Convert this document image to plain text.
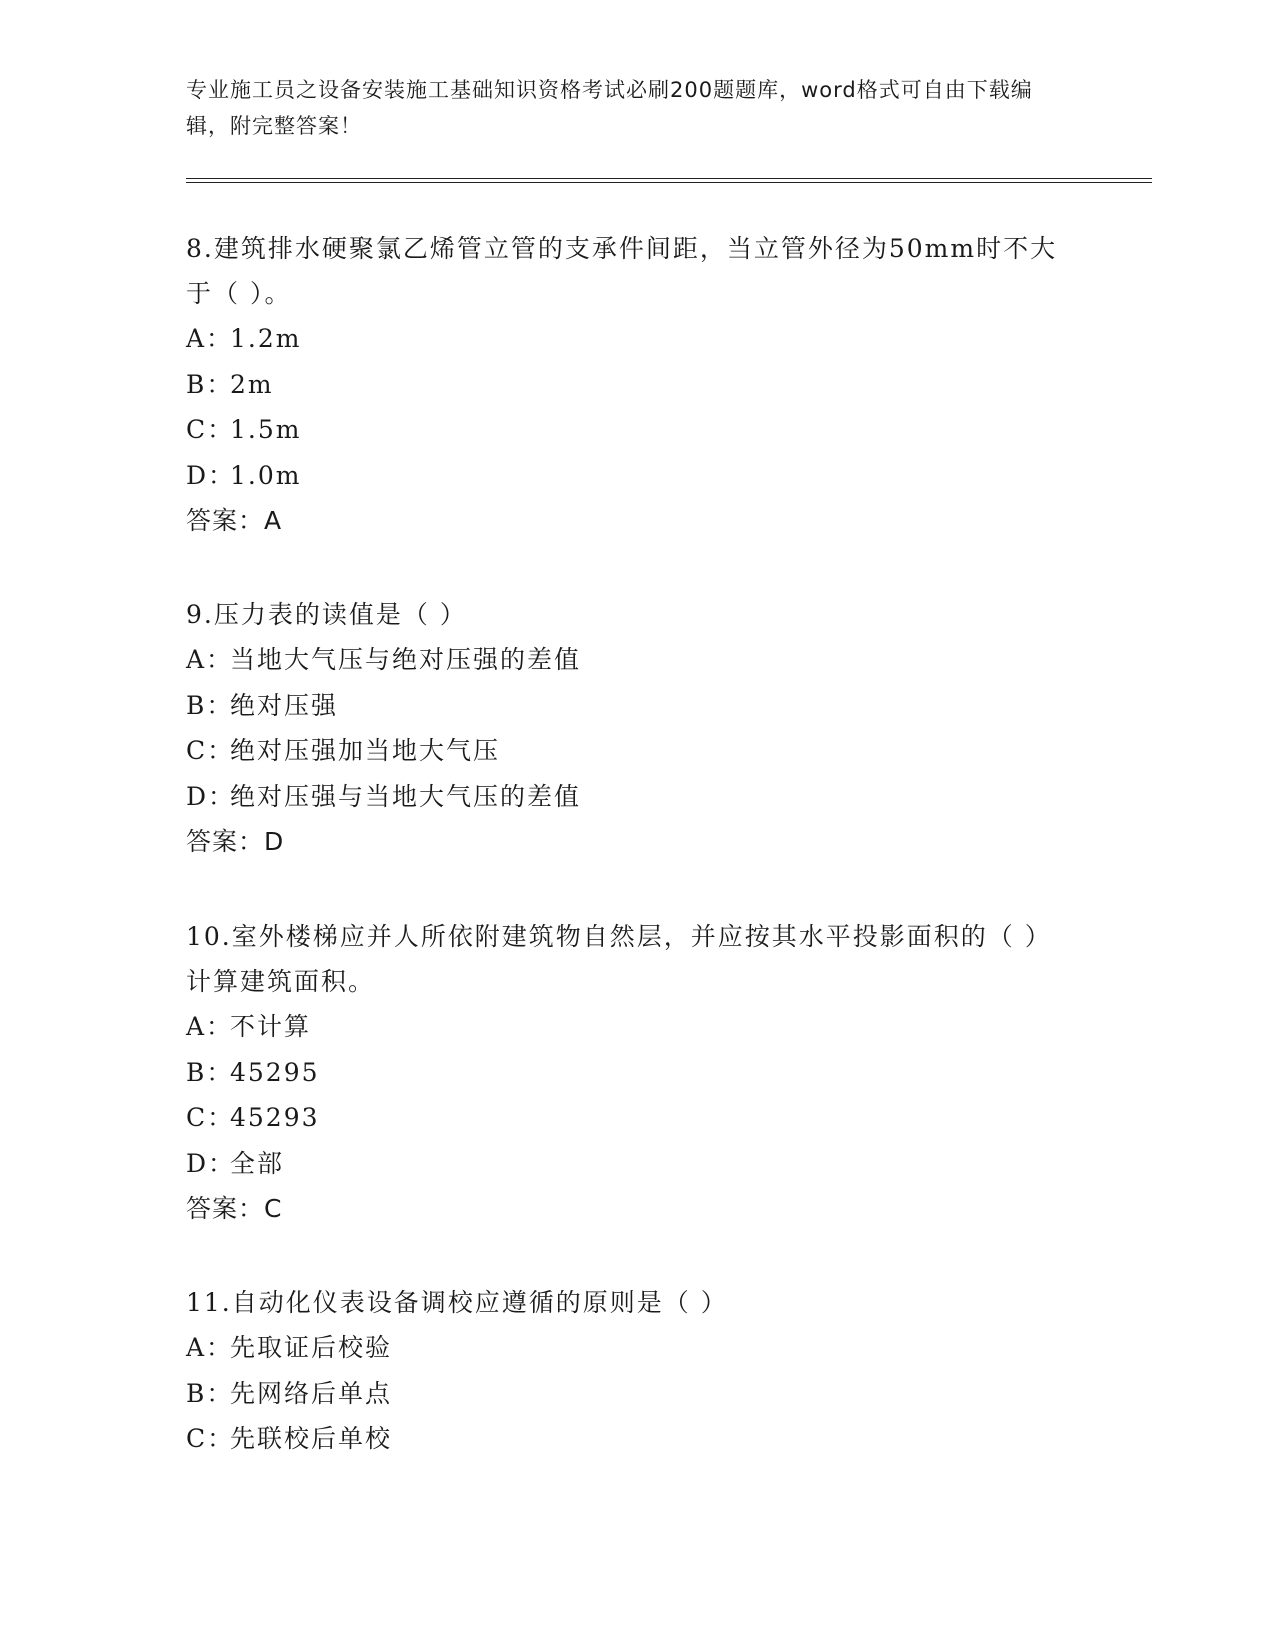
专业施工员之设备安装施工基础知识资格考试必刷200题题库，word格式可自由下载编辑，附完整答案！
8.建筑排水硬聚氯乙烯管立管的支承件间距，当立管外径为50mm时不大于（ ）。
A：1.2m
B：2m
C：1.5m
D：1.0m
答案：A
9.压力表的读值是（ ）
A：当地大气压与绝对压强的差值
B：绝对压强
C：绝对压强加当地大气压
D：绝对压强与当地大气压的差值
答案：D
10.室外楼梯应并人所依附建筑物自然层，并应按其水平投影面积的（ ）计算建筑面积。
A：不计算
B：45295
C：45293
D：全部
答案：C
11.自动化仪表设备调校应遵循的原则是（ ）
A：先取证后校验
B：先网络后单点
C：先联校后单校
